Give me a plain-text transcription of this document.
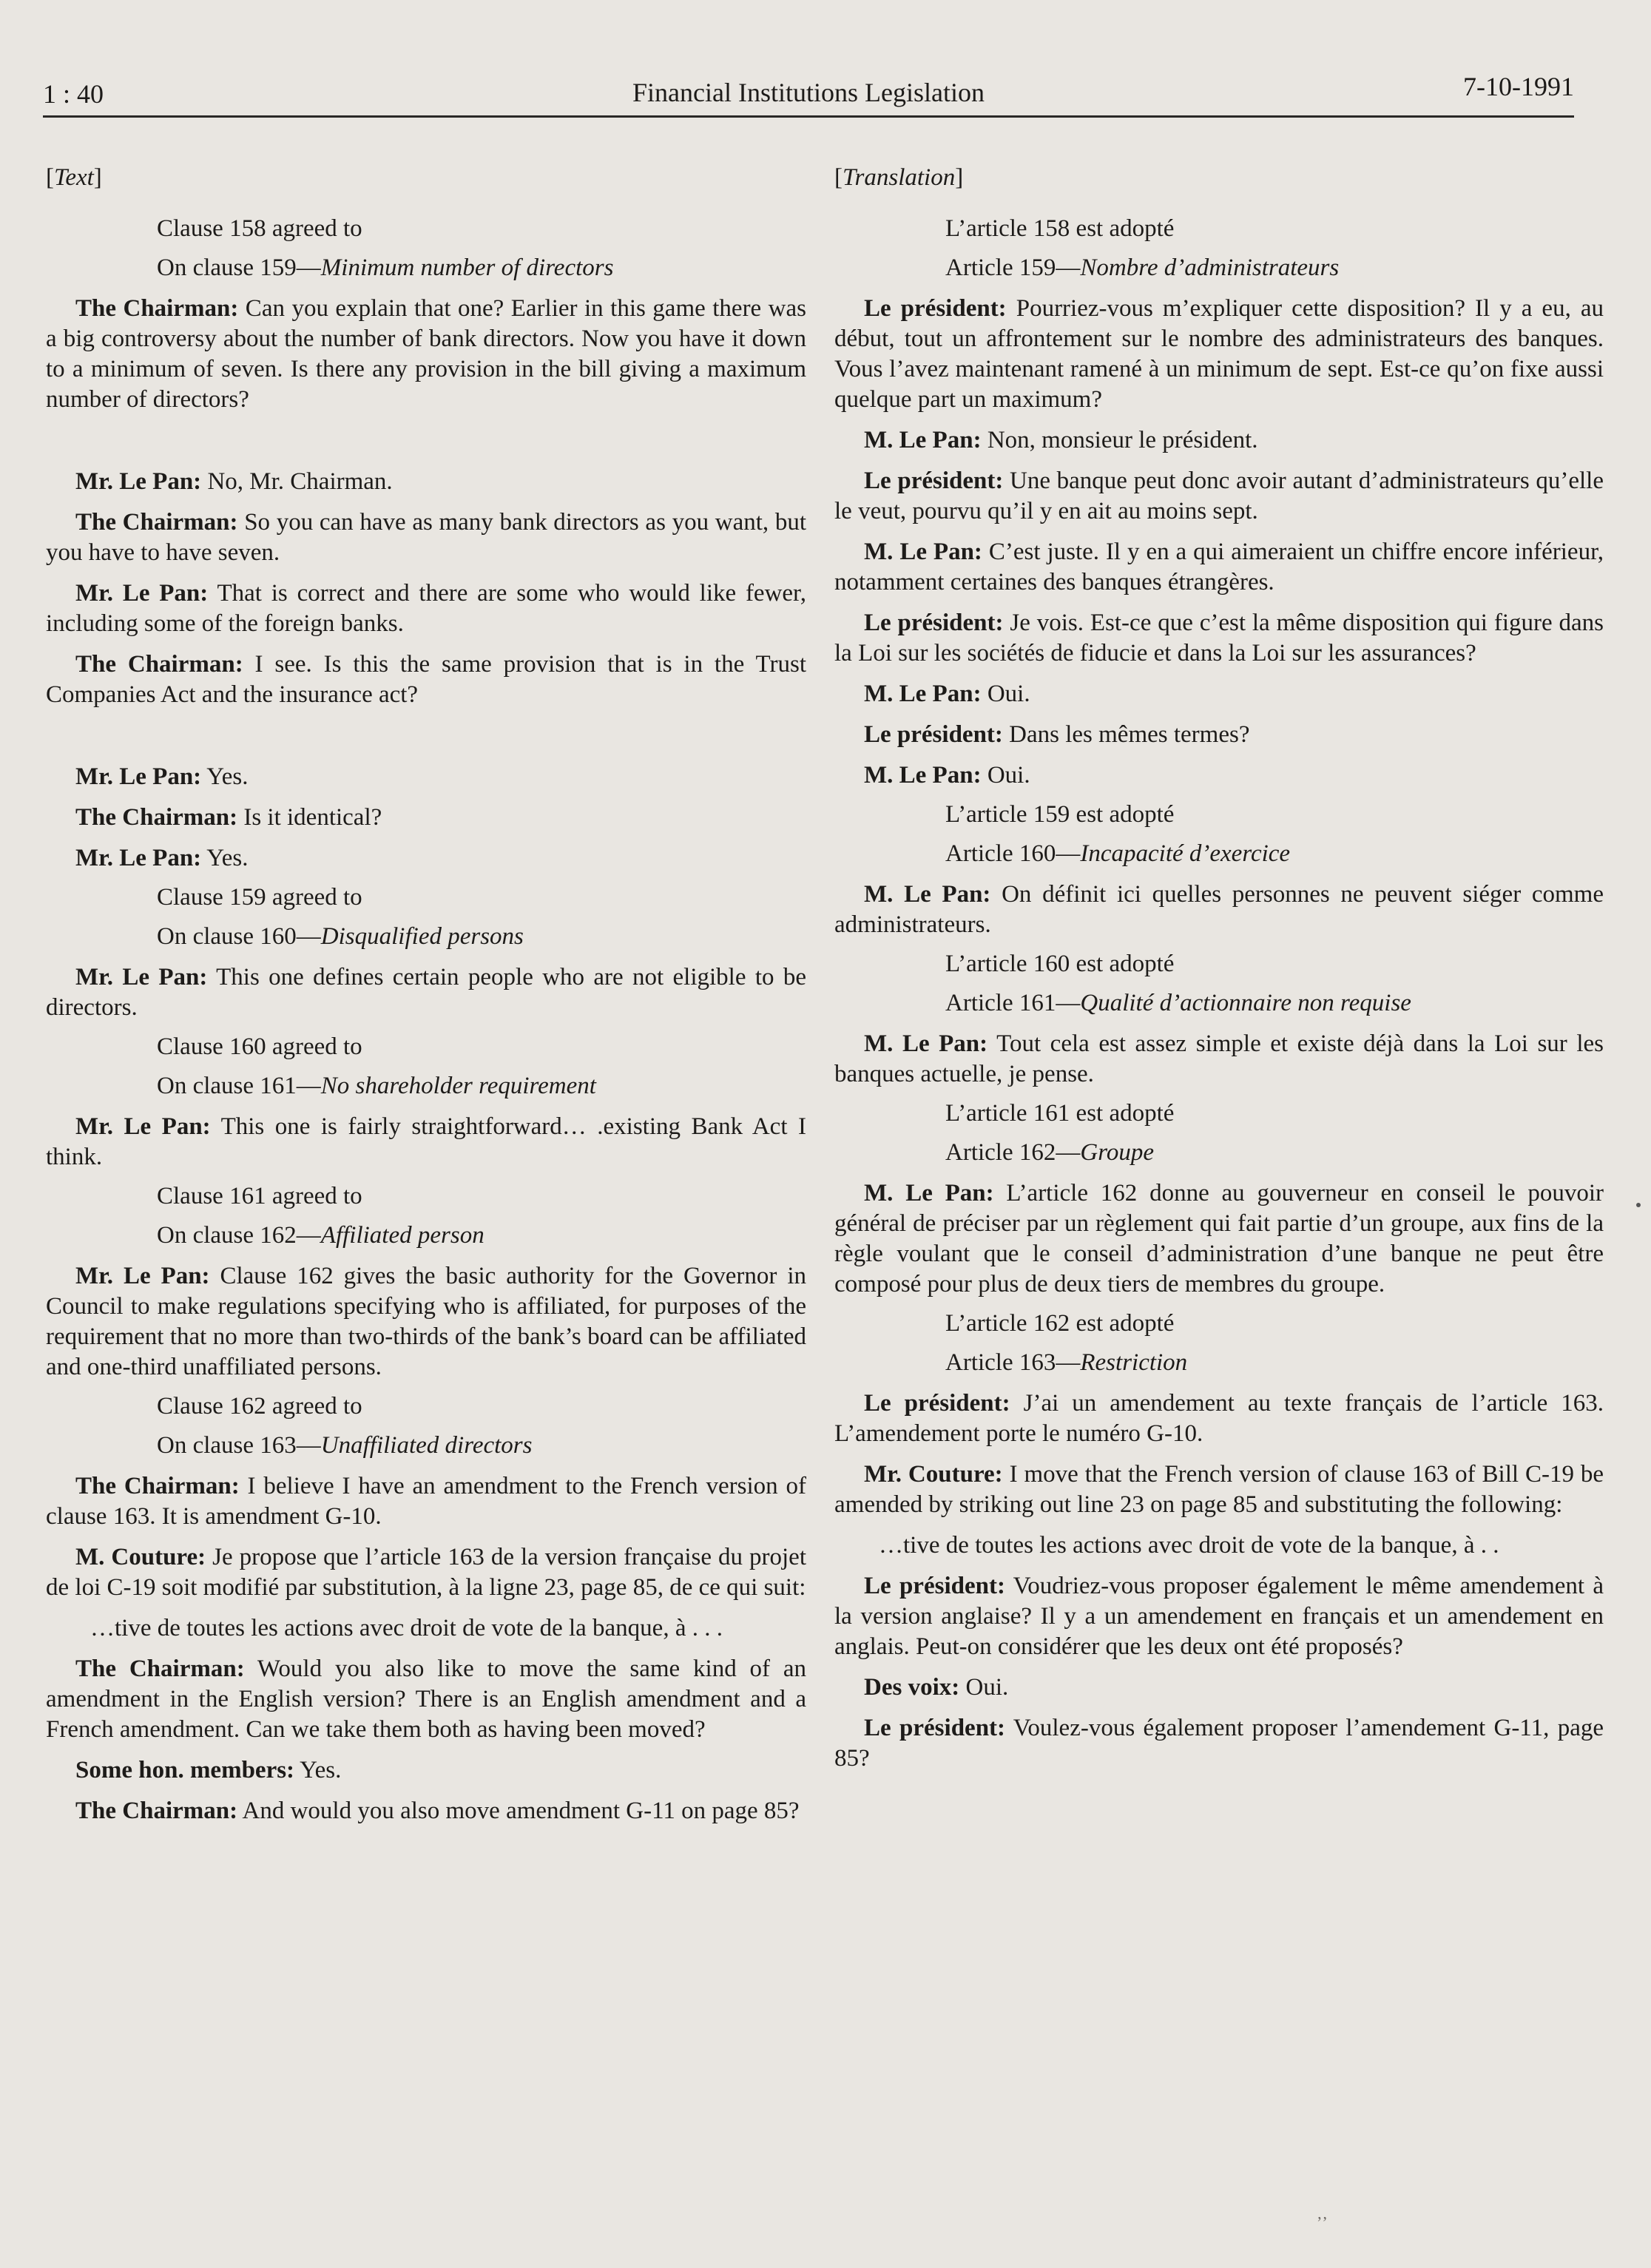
1 : 40	Financial Institutions Legislation	7-10-1991
[Text]

Clause 158 agreed to

On clause 159—Minimum number of directors

The Chairman: Can you explain that one? Earlier in this game there was a big controversy about the number of bank directors. Now you have it down to a minimum of seven. Is there any provision in the bill giving a maximum number of directors?

Mr. Le Pan: No, Mr. Chairman.

The Chairman: So you can have as many bank directors as you want, but you have to have seven.

Mr. Le Pan: That is correct and there are some who would like fewer, including some of the foreign banks.

The Chairman: I see. Is this the same provision that is in the Trust Companies Act and the insurance act?

Mr. Le Pan: Yes.

The Chairman: Is it identical?

Mr. Le Pan: Yes.

Clause 159 agreed to

On clause 160—Disqualified persons

Mr. Le Pan: This one defines certain people who are not eligible to be directors.

Clause 160 agreed to

On clause 161—No shareholder requirement

Mr. Le Pan: This one is fairly straightforward… .existing Bank Act I think.

Clause 161 agreed to

On clause 162—Affiliated person

Mr. Le Pan: Clause 162 gives the basic authority for the Governor in Council to make regulations specifying who is affiliated, for purposes of the requirement that no more than two-thirds of the bank’s board can be affiliated and one-third unaffiliated persons.

Clause 162 agreed to

On clause 163—Unaffiliated directors

The Chairman: I believe I have an amendment to the French version of clause 163. It is amendment G-10.

M. Couture: Je propose que l’article 163 de la version française du projet de loi C-19 soit modifié par substitution, à la ligne 23, page 85, de ce qui suit:

…tive de toutes les actions avec droit de vote de la banque, à . . .

The Chairman: Would you also like to move the same kind of an amendment in the English version? There is an English amendment and a French amendment. Can we take them both as having been moved?

Some hon. members: Yes.

The Chairman: And would you also move amendment G-11 on page 85?

[Translation]

L’article 158 est adopté

Article 159—Nombre d’administrateurs

Le président: Pourriez-vous m’expliquer cette disposition? Il y a eu, au début, tout un affrontement sur le nombre des administrateurs des banques. Vous l’avez maintenant ramené à un minimum de sept. Est-ce qu’on fixe aussi quelque part un maximum?

M. Le Pan: Non, monsieur le président.

Le président: Une banque peut donc avoir autant d’administrateurs qu’elle le veut, pourvu qu’il y en ait au moins sept.

M. Le Pan: C’est juste. Il y en a qui aimeraient un chiffre encore inférieur, notamment certaines des banques étrangères.

Le président: Je vois. Est-ce que c’est la même disposition qui figure dans la Loi sur les sociétés de fiducie et dans la Loi sur les assurances?

M. Le Pan: Oui.

Le président: Dans les mêmes termes?

M. Le Pan: Oui.

L’article 159 est adopté

Article 160—Incapacité d’exercice

M. Le Pan: On définit ici quelles personnes ne peuvent siéger comme administrateurs.

L’article 160 est adopté

Article 161—Qualité d’actionnaire non requise

M. Le Pan: Tout cela est assez simple et existe déjà dans la Loi sur les banques actuelle, je pense.

L’article 161 est adopté

Article 162—Groupe

M. Le Pan: L’article 162 donne au gouverneur en conseil le pouvoir général de préciser par un règlement qui fait partie d’un groupe, aux fins de la règle voulant que le conseil d’administration d’une banque ne peut être composé pour plus de deux tiers de membres du groupe.

L’article 162 est adopté

Article 163—Restriction

Le président: J’ai un amendement au texte français de l’article 163. L’amendement porte le numéro G-10.

Mr. Couture: I move that the French version of clause 163 of Bill C-19 be amended by striking out line 23 on page 85 and substituting the following:

…tive de toutes les actions avec droit de vote de la banque, à . .

Le président: Voudriez-vous proposer également le même amendement à la version anglaise? Il y a un amendement en français et un amendement en anglais. Peut-on considérer que les deux ont été proposés?

Des voix: Oui.

Le président: Voulez-vous également proposer l’amendement G-11, page 85?

ʼʼ
